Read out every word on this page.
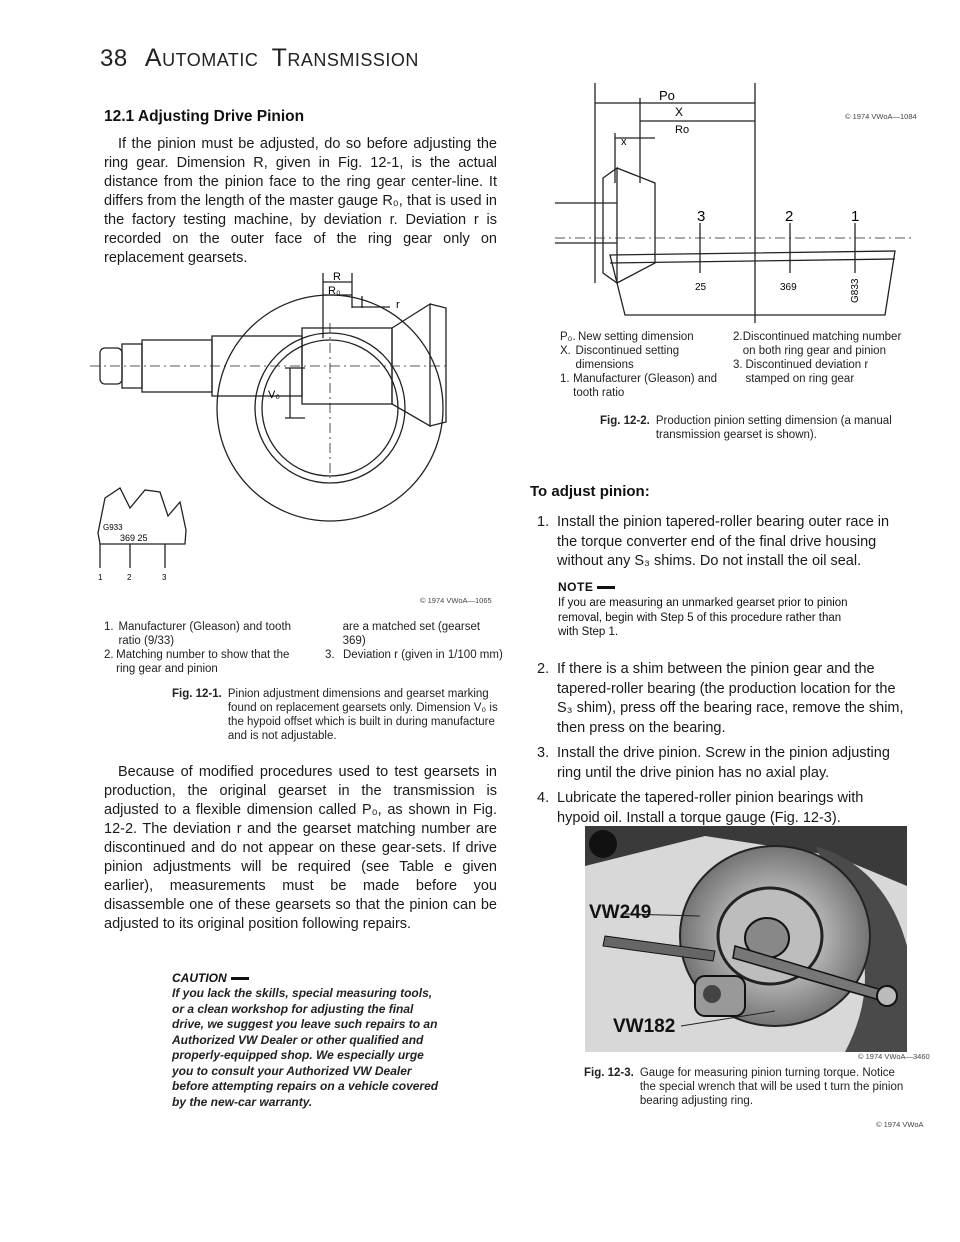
38 AUTOMATIC TRANSMISSION
12.1 Adjusting Drive Pinion
If the pinion must be adjusted, do so before adjusting the ring gear. Dimension R, given in Fig. 12-1, is the actual distance from the pinion face to the ring gear center-line. It differs from the length of the master gauge R₀, that is used in the factory testing machine, by deviation r. Deviation r is recorded on the outer face of the ring gear only on replacement gearsets.
R
R₀
r
V₀
369 25
G933
1	2	3
© 1974 VWoA—1065
1. Manufacturer (Gleason) and tooth ratio (9/33)
2. Matching number to show that the ring gear and pinion
are a matched set (gearset 369)
3. Deviation r (given in 1/100 mm)
Fig. 12-1. Pinion adjustment dimensions and gearset marking found on replacement gearsets only. Dimension V₀ is the hypoid offset which is built in during manufacture and is not adjustable.
Because of modified procedures used to test gearsets in production, the original gearset in the transmission is adjusted to a flexible dimension called P₀, as shown in Fig. 12-2. The deviation r and the gearset matching number are discontinued and do not appear on these gear-sets. If drive pinion adjustments will be required (see Table e given earlier), measurements must be made before you disassemble one of these gearsets so that the pinion can be adjusted to its original position following repairs.
CAUTION
If you lack the skills, special measuring tools, or a clean workshop for adjusting the final drive, we suggest you leave such repairs to an Authorized VW Dealer or other qualified and properly-equipped shop. We especially urge you to consult your Authorized VW Dealer before attempting repairs on a vehicle covered by the new-car warranty.
Po
X
Ro
x
3	2	1
25	369	G833
© 1974 VWoA—1084
P₀. New setting dimension
X. Discontinued setting dimensions
1. Manufacturer (Gleason) and tooth ratio
2. Discontinued matching number on both ring gear and pinion
3. Discontinued deviation r stamped on ring gear
Fig. 12-2. Production pinion setting dimension (a manual transmission gearset is shown).
To adjust pinion:
1. Install the pinion tapered-roller bearing outer race in the torque converter end of the final drive housing without any S₃ shims. Do not install the oil seal.
NOTE
If you are measuring an unmarked gearset prior to pinion removal, begin with Step 5 of this procedure rather than with Step 1.
2. If there is a shim between the pinion gear and the tapered-roller bearing (the production location for the S₃ shim), press off the bearing race, remove the shim, then press on the bearing.
3. Install the drive pinion. Screw in the pinion adjusting ring until the drive pinion has no axial play.
4. Lubricate the tapered-roller pinion bearings with hypoid oil. Install a torque gauge (Fig. 12-3).
VW249
VW182
© 1974 VWoA—3460
Fig. 12-3. Gauge for measuring pinion turning torque. Notice the special wrench that will be used t turn the pinion bearing adjusting ring.
© 1974 VWoA
